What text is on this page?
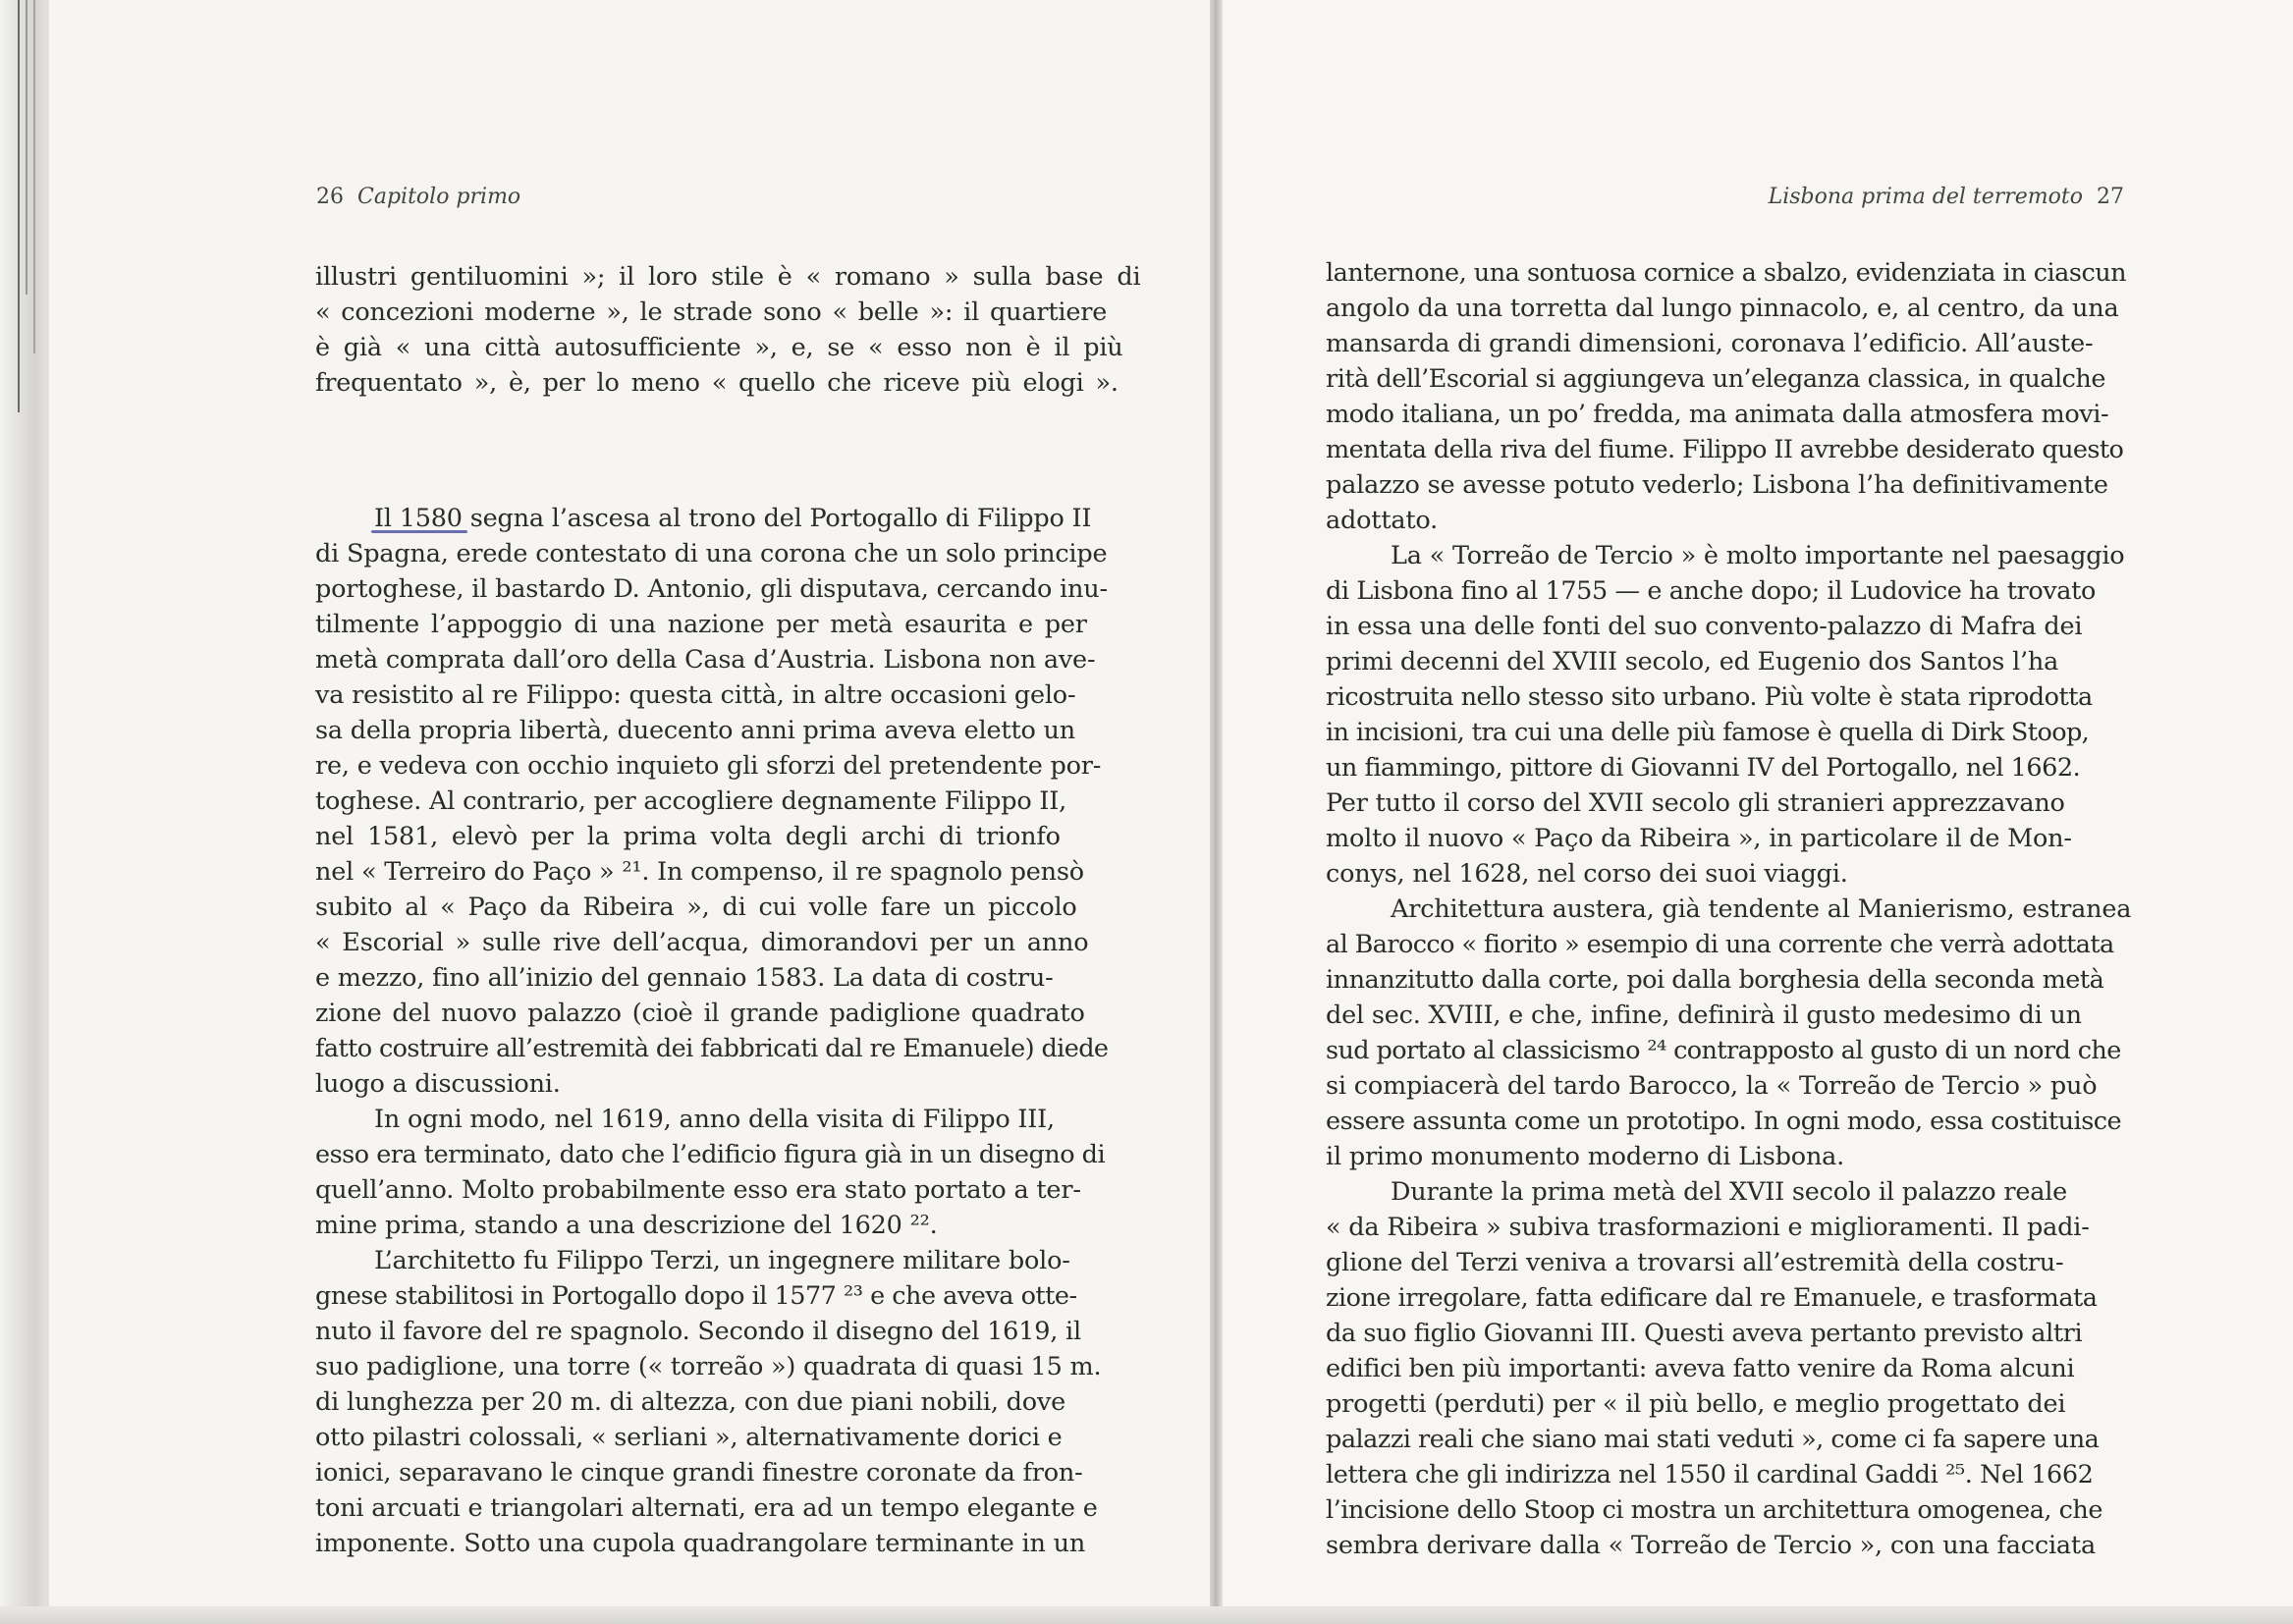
26 Capitolo primo	Lisbona prima del terremoto 27
illustri gentiluomini »; il loro stile è « romano » sulla base di
« concezioni moderne », le strade sono « belle »: il quartiere
è già « una città autosufficiente », e, se « esso non è il più
frequentato », è, per lo meno « quello che riceve più elogi ».
Il 1580 segna l’ascesa al trono del Portogallo di Filippo II
di Spagna, erede contestato di una corona che un solo principe
portoghese, il bastardo D. Antonio, gli disputava, cercando inu-
tilmente l’appoggio di una nazione per metà esaurita e per
metà comprata dall’oro della Casa d’Austria. Lisbona non ave-
va resistito al re Filippo: questa città, in altre occasioni gelo-
sa della propria libertà, duecento anni prima aveva eletto un
re, e vedeva con occhio inquieto gli sforzi del pretendente por-
toghese. Al contrario, per accogliere degnamente Filippo II,
nel 1581, elevò per la prima volta degli archi di trionfo
nel « Terreiro do Paço » ²¹. In compenso, il re spagnolo pensò
subito al « Paço da Ribeira », di cui volle fare un piccolo
« Escorial » sulle rive dell’acqua, dimorandovi per un anno
e mezzo, fino all’inizio del gennaio 1583. La data di costru-
zione del nuovo palazzo (cioè il grande padiglione quadrato
fatto costruire all’estremità dei fabbricati dal re Emanuele) diede
luogo a discussioni.
In ogni modo, nel 1619, anno della visita di Filippo III,
esso era terminato, dato che l’edificio figura già in un disegno di
quell’anno. Molto probabilmente esso era stato portato a ter-
mine prima, stando a una descrizione del 1620 ²².
L’architetto fu Filippo Terzi, un ingegnere militare bolo-
gnese stabilitosi in Portogallo dopo il 1577 ²³ e che aveva otte-
nuto il favore del re spagnolo. Secondo il disegno del 1619, il
suo padiglione, una torre (« torreão ») quadrata di quasi 15 m.
di lunghezza per 20 m. di altezza, con due piani nobili, dove
otto pilastri colossali, « serliani », alternativamente dorici e
ionici, separavano le cinque grandi finestre coronate da fron-
toni arcuati e triangolari alternati, era ad un tempo elegante e
imponente. Sotto una cupola quadrangolare terminante in un
lanternone, una sontuosa cornice a sbalzo, evidenziata in ciascun
angolo da una torretta dal lungo pinnacolo, e, al centro, da una
mansarda di grandi dimensioni, coronava l’edificio. All’auste-
rità dell’Escorial si aggiungeva un’eleganza classica, in qualche
modo italiana, un po’ fredda, ma animata dalla atmosfera movi-
mentata della riva del fiume. Filippo II avrebbe desiderato questo
palazzo se avesse potuto vederlo; Lisbona l’ha definitivamente
adottato.
La « Torreão de Tercio » è molto importante nel paesaggio
di Lisbona fino al 1755 — e anche dopo; il Ludovice ha trovato
in essa una delle fonti del suo convento-palazzo di Mafra dei
primi decenni del XVIII secolo, ed Eugenio dos Santos l’ha
ricostruita nello stesso sito urbano. Più volte è stata riprodotta
in incisioni, tra cui una delle più famose è quella di Dirk Stoop,
un fiammingo, pittore di Giovanni IV del Portogallo, nel 1662.
Per tutto il corso del XVII secolo gli stranieri apprezzavano
molto il nuovo « Paço da Ribeira », in particolare il de Mon-
conys, nel 1628, nel corso dei suoi viaggi.
Architettura austera, già tendente al Manierismo, estranea
al Barocco « fiorito » esempio di una corrente che verrà adottata
innanzitutto dalla corte, poi dalla borghesia della seconda metà
del sec. XVIII, e che, infine, definirà il gusto medesimo di un
sud portato al classicismo ²⁴ contrapposto al gusto di un nord che
si compiacerà del tardo Barocco, la « Torreão de Tercio » può
essere assunta come un prototipo. In ogni modo, essa costituisce
il primo monumento moderno di Lisbona.
Durante la prima metà del XVII secolo il palazzo reale
« da Ribeira » subiva trasformazioni e miglioramenti. Il padi-
glione del Terzi veniva a trovarsi all’estremità della costru-
zione irregolare, fatta edificare dal re Emanuele, e trasformata
da suo figlio Giovanni III. Questi aveva pertanto previsto altri
edifici ben più importanti: aveva fatto venire da Roma alcuni
progetti (perduti) per « il più bello, e meglio progettato dei
palazzi reali che siano mai stati veduti », come ci fa sapere una
lettera che gli indirizza nel 1550 il cardinal Gaddi ²⁵. Nel 1662
l’incisione dello Stoop ci mostra un architettura omogenea, che
sembra derivare dalla « Torreão de Tercio », con una facciata
